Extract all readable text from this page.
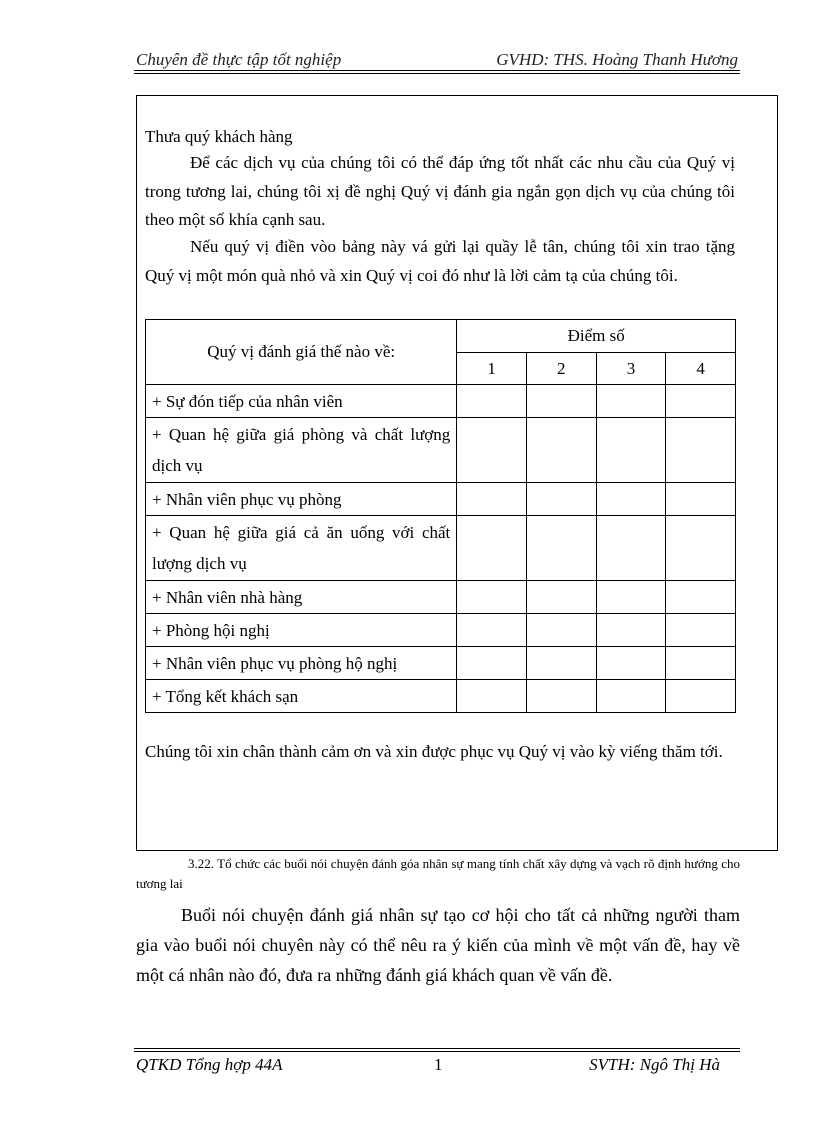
Chuyên đề thực tập tốt nghiệp	GVHD: THS. Hoàng Thanh Hương
Thưa quý khách hàng
Để các dịch vụ của chúng tôi có thể đáp ứng tốt nhất các nhu cầu của Quý vị trong tương lai, chúng tôi xị đề nghị Quý vị đánh gia ngắn gọn dịch vụ của chúng tôi theo một số khía cạnh sau.
Nếu quý vị điền vòo bảng này vá gửi lại quầy lễ tân, chúng tôi xin trao tặng Quý vị một món quà nhỏ và xin Quý vị coi đó như là lời cảm tạ của chúng tôi.
Quý vị đánh giá thế nào về:	Điểm số			
	1	2	3	4
+ Sự đón tiếp của nhân viên				
+ Quan hệ giữa giá phòng và chất lượng dịch vụ				
+ Nhân viên phục vụ phòng				
+ Quan hệ giữa giá cả ăn uống với chất lượng dịch vụ				
+ Nhân viên nhà hàng				
+ Phòng hội nghị				
+ Nhân viên phục vụ phòng hộ nghị				
+ Tổng kết khách sạn				
Chúng tôi xin chân thành cảm ơn và xin được phục vụ Quý vị vào kỳ viếng thăm tới.
3.22. Tổ chức các buổi nói chuyện đánh góa nhân sự mang tính chất xây dựng và vạch rõ định hướng cho tương lai
Buổi nói chuyện đánh giá nhân sự tạo cơ hội cho tất cả những người tham gia vào buổi nói chuyên này có thể nêu ra ý kiến của mình về một vấn đề, hay về một cá nhân nào đó, đưa ra những đánh giá khách quan về vấn đề.
QTKD Tổng hợp 44A	1	SVTH: Ngô Thị Hà
